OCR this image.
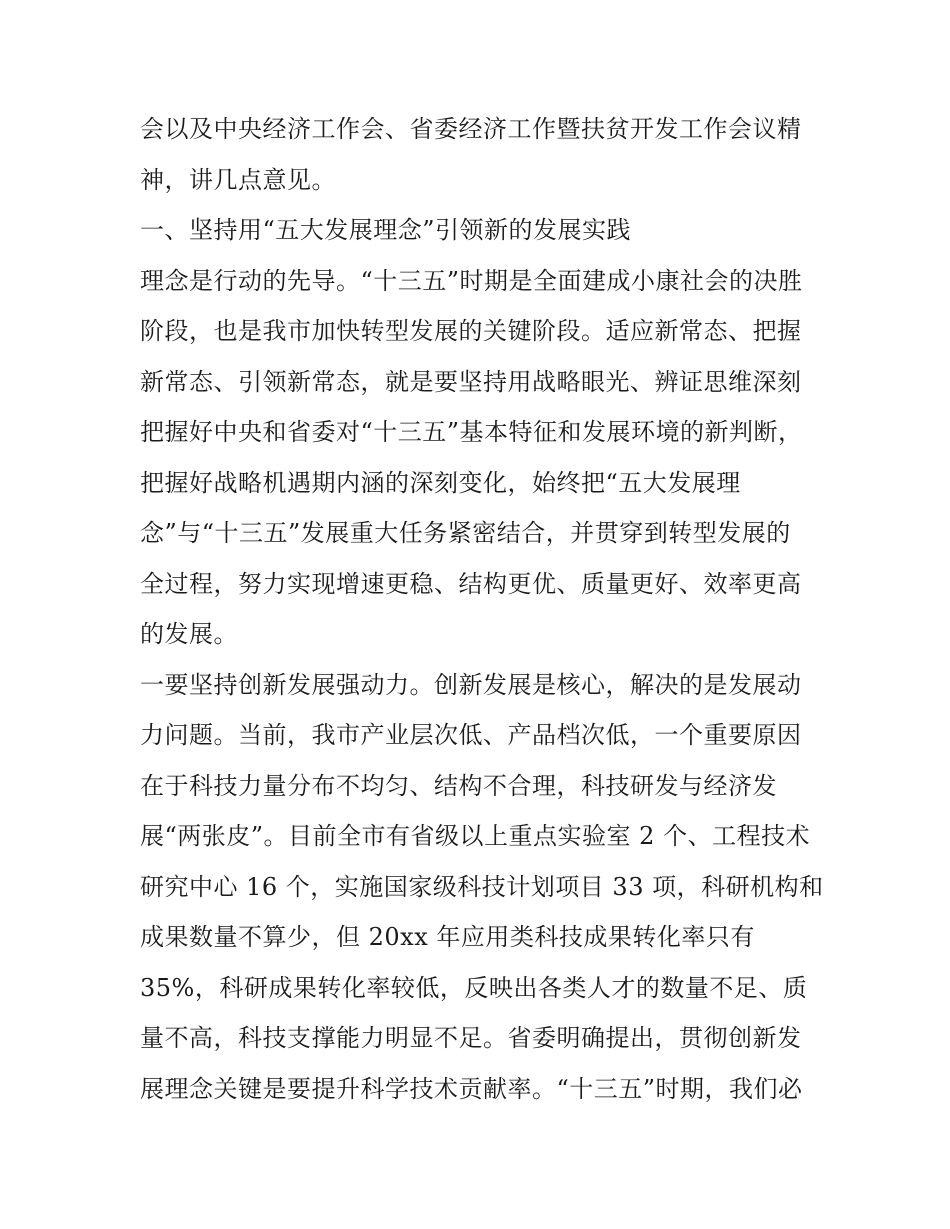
会以及中央经济工作会、省委经济工作暨扶贫开发工作会议精
神，讲几点意见。
一、坚持用“五大发展理念”引领新的发展实践
理念是行动的先导。“十三五”时期是全面建成小康社会的决胜
阶段，也是我市加快转型发展的关键阶段。适应新常态、把握
新常态、引领新常态，就是要坚持用战略眼光、辨证思维深刻
把握好中央和省委对“十三五”基本特征和发展环境的新判断，
把握好战略机遇期内涵的深刻变化，始终把“五大发展理
念”与“十三五”发展重大任务紧密结合，并贯穿到转型发展的
全过程，努力实现增速更稳、结构更优、质量更好、效率更高
的发展。
一要坚持创新发展强动力。创新发展是核心，解决的是发展动
力问题。当前，我市产业层次低、产品档次低，一个重要原因
在于科技力量分布不均匀、结构不合理，科技研发与经济发
展“两张皮”。目前全市有省级以上重点实验室 2 个、工程技术
研究中心 16 个，实施国家级科技计划项目 33 项，科研机构和
成果数量不算少，但 20xx 年应用类科技成果转化率只有
35%，科研成果转化率较低，反映出各类人才的数量不足、质
量不高，科技支撑能力明显不足。省委明确提出，贯彻创新发
展理念关键是要提升科学技术贡献率。“十三五”时期，我们必
